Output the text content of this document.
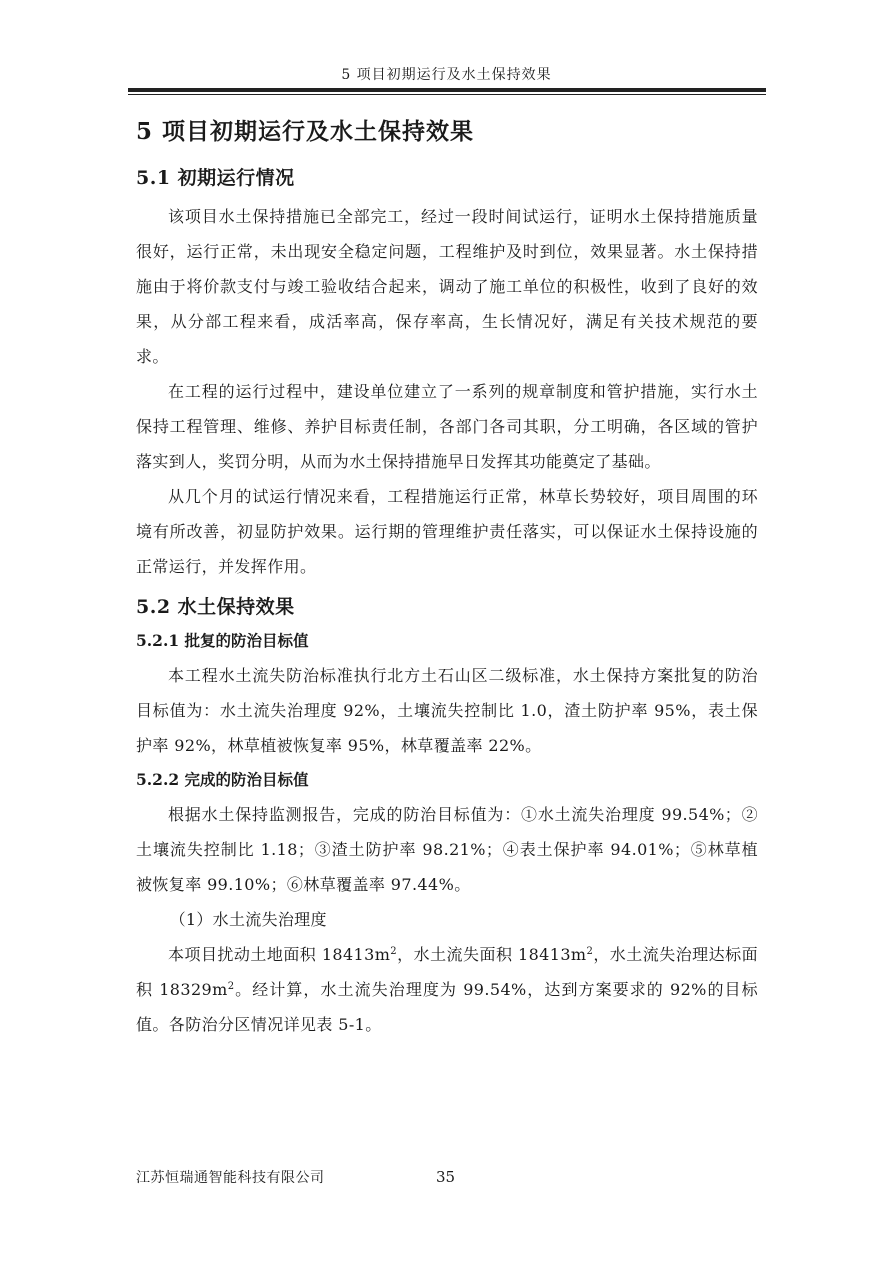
5 项目初期运行及水土保持效果
5 项目初期运行及水土保持效果
5.1 初期运行情况

该项目水土保持措施已全部完工，经过一段时间试运行，证明水土保持措施质量很好，运行正常，未出现安全稳定问题，工程维护及时到位，效果显著。水土保持措施由于将价款支付与竣工验收结合起来，调动了施工单位的积极性，收到了良好的效果，从分部工程来看，成活率高，保存率高，生长情况好，满足有关技术规范的要求。

在工程的运行过程中，建设单位建立了一系列的规章制度和管护措施，实行水土保持工程管理、维修、养护目标责任制，各部门各司其职，分工明确，各区域的管护落实到人，奖罚分明，从而为水土保持措施早日发挥其功能奠定了基础。

从几个月的试运行情况来看，工程措施运行正常，林草长势较好，项目周围的环境有所改善，初显防护效果。运行期的管理维护责任落实，可以保证水土保持设施的正常运行，并发挥作用。

5.2 水土保持效果
5.2.1 批复的防治目标值

本工程水土流失防治标准执行北方土石山区二级标准，水土保持方案批复的防治目标值为：水土流失治理度 92%，土壤流失控制比 1.0，渣土防护率 95%，表土保护率 92%，林草植被恢复率 95%，林草覆盖率 22%。

5.2.2 完成的防治目标值

根据水土保持监测报告，完成的防治目标值为：①水土流失治理度 99.54%；②土壤流失控制比 1.18；③渣土防护率 98.21%；④表土保护率 94.01%；⑤林草植被恢复率 99.10%；⑥林草覆盖率 97.44%。

（1）水土流失治理度

本项目扰动土地面积 $18413m^2$，水土流失面积 $18413m^2$，水土流失治理达标面积 $18329m^2$。经计算，水土流失治理度为 99.54%，达到方案要求的 92%的目标值。各防治分区情况详见表 5-1。

江苏恒瑞通智能科技有限公司	35
